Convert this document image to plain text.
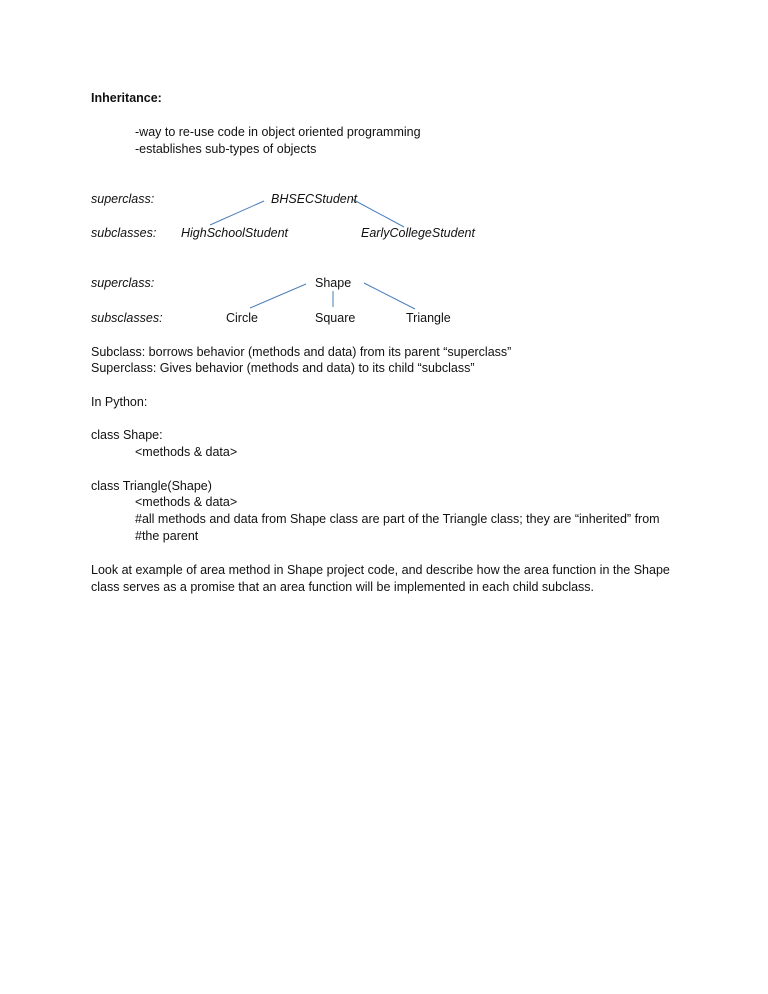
Inheritance:
-way to re-use code in object oriented programming
-establishes sub-types of objects
superclass:	BHSECStudent
subclasses: HighSchoolStudent	EarlyCollegeStudent
superclass:	Shape
subsclasses:	Circle	Square	Triangle
Subclass: borrows behavior (methods and data) from its parent “superclass”
Superclass: Gives behavior (methods and data) to its child “subclass”
In Python:
class Shape:
<methods & data>
class Triangle(Shape)
<methods & data>
#all methods and data from Shape class are part of the Triangle class; they are “inherited” from
#the parent
Look at example of area method in Shape project code, and describe how the area function in the Shape
class serves as a promise that an area function will be implemented in each child subclass.
